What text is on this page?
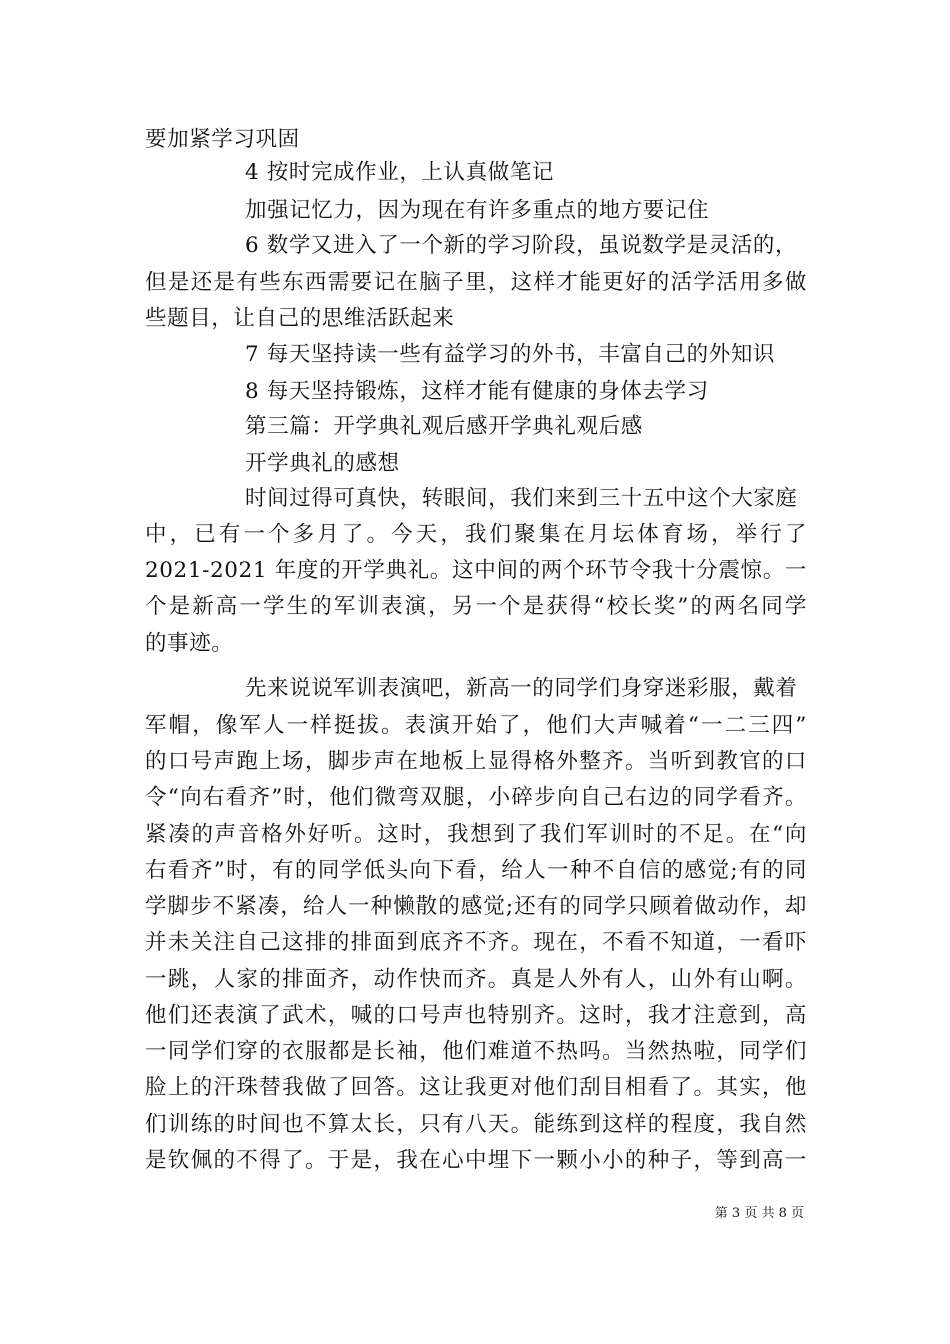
要加紧学习巩固
4 按时完成作业，上认真做笔记
加强记忆力，因为现在有许多重点的地方要记住
6 数学又进入了一个新的学习阶段，虽说数学是灵活的，
但是还是有些东西需要记在脑子里，这样才能更好的活学活用多做
些题目，让自己的思维活跃起来
7 每天坚持读一些有益学习的外书，丰富自己的外知识
8 每天坚持锻炼，这样才能有健康的身体去学习
第三篇：开学典礼观后感开学典礼观后感
开学典礼的感想
时间过得可真快，转眼间，我们来到三十五中这个大家庭
中，已有一个多月了。今天，我们聚集在月坛体育场，举行了
2021-2021 年度的开学典礼。这中间的两个环节令我十分震惊。一
个是新高一学生的军训表演，另一个是获得“校长奖”的两名同学
的事迹。
先来说说军训表演吧，新高一的同学们身穿迷彩服，戴着
军帽，像军人一样挺拔。表演开始了，他们大声喊着“一二三四”
的口号声跑上场，脚步声在地板上显得格外整齐。当听到教官的口
令“向右看齐”时，他们微弯双腿，小碎步向自己右边的同学看齐。
紧凑的声音格外好听。这时，我想到了我们军训时的不足。在“向
右看齐”时，有的同学低头向下看，给人一种不自信的感觉;有的同
学脚步不紧凑，给人一种懒散的感觉;还有的同学只顾着做动作，却
并未关注自己这排的排面到底齐不齐。现在，不看不知道，一看吓
一跳，人家的排面齐，动作快而齐。真是人外有人，山外有山啊。
他们还表演了武术，喊的口号声也特别齐。这时，我才注意到，高
一同学们穿的衣服都是长袖，他们难道不热吗。当然热啦，同学们
脸上的汗珠替我做了回答。这让我更对他们刮目相看了。其实，他
们训练的时间也不算太长，只有八天。能练到这样的程度，我自然
是钦佩的不得了。于是，我在心中埋下一颗小小的种子，等到高一
第 3 页 共 8 页
